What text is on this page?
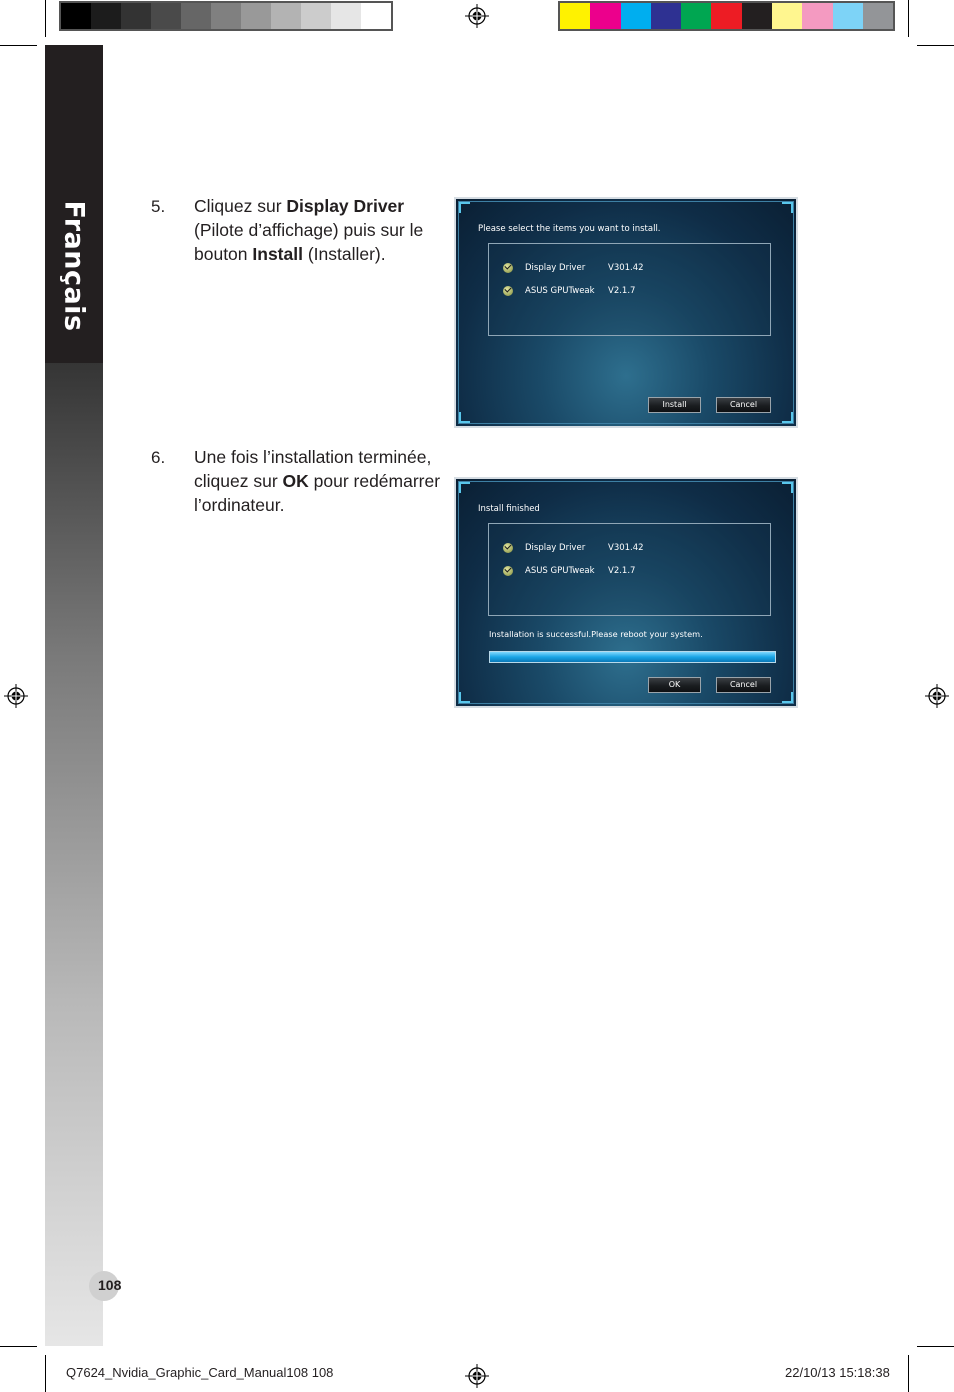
Français	5. Cliquez sur Display Driver (Pilote d’affichage) puis sur le bouton Install (Installer).
Please select the items you want to install.
Display Driver	V301.42
ASUS GPUTweak	V2.1.7
Install	Cancel
6. Une fois l’installation terminée, cliquez sur OK pour redémarrer l’ordinateur.	Install finished
Display Driver	V301.42
ASUS GPUTweak	V2.1.7
Installation is successful.Please reboot your system.
OK	Cancel
108
Q7624_Nvidia_Graphic_Card_Manual108 108	22/10/13 15:18:38
